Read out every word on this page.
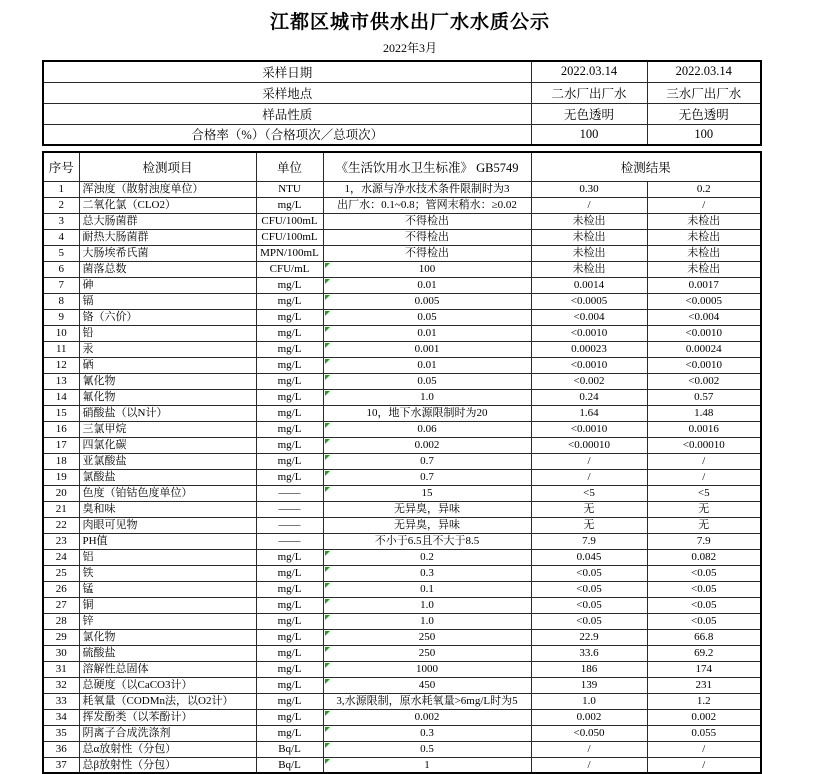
江都区城市供水出厂水水质公示
2022年3月
采样日期	2022.03.14	2022.03.14
采样地点	二水厂出厂水	三水厂出厂水
样品性质	无色透明	无色透明
合格率（%）（合格项次／总项次）	100	100
序号	检测项目	单位	《生活饮用水卫生标准》 GB5749	检测结果	
1	浑浊度（散射浊度单位）	NTU	1，水源与净水技术条件限制时为3	0.30	0.2
2	二氧化氯（CLO2）	mg/L	出厂水：0.1~0.8；管网末稍水：≥0.02	/	/
3	总大肠菌群	CFU/100mL	不得检出	未检出	未检出
4	耐热大肠菌群	CFU/100mL	不得检出	未检出	未检出
5	大肠埃希氏菌	MPN/100mL	不得检出	未检出	未检出
6	菌落总数	CFU/mL	100	未检出	未检出
7	砷	mg/L	0.01	0.0014	0.0017
8	镉	mg/L	0.005	<0.0005	<0.0005
9	铬（六价）	mg/L	0.05	<0.004	<0.004
10	铅	mg/L	0.01	<0.0010	<0.0010
11	汞	mg/L	0.001	0.00023	0.00024
12	硒	mg/L	0.01	<0.0010	<0.0010
13	氰化物	mg/L	0.05	<0.002	<0.002
14	氟化物	mg/L	1.0	0.24	0.57
15	硝酸盐（以N计）	mg/L	10，地下水源限制时为20	1.64	1.48
16	三氯甲烷	mg/L	0.06	<0.0010	0.0016
17	四氯化碳	mg/L	0.002	<0.00010	<0.00010
18	亚氯酸盐	mg/L	0.7	/	/
19	氯酸盐	mg/L	0.7	/	/
20	色度（铂钴色度单位）	——	15	<5	<5
21	臭和味	——	无异臭，异味	无	无
22	肉眼可见物	——	无异臭，异味	无	无
23	PH值	——	不小于6.5且不大于8.5	7.9	7.9
24	铝	mg/L	0.2	0.045	0.082
25	铁	mg/L	0.3	<0.05	<0.05
26	锰	mg/L	0.1	<0.05	<0.05
27	铜	mg/L	1.0	<0.05	<0.05
28	锌	mg/L	1.0	<0.05	<0.05
29	氯化物	mg/L	250	22.9	66.8
30	硫酸盐	mg/L	250	33.6	69.2
31	溶解性总固体	mg/L	1000	186	174
32	总硬度（以CaCO3计）	mg/L	450	139	231
33	耗氧量（CODMn法，以O2计）	mg/L	3,水源限制，原水耗氧量>6mg/L时为5	1.0	1.2
34	挥发酚类（以苯酚计）	mg/L	0.002	0.002	0.002
35	阴离子合成洗涤剂	mg/L	0.3	<0.050	0.055
36	总α放射性（分包）	Bq/L	0.5	/	/
37	总β放射性（分包）	Bq/L	1	/	/
